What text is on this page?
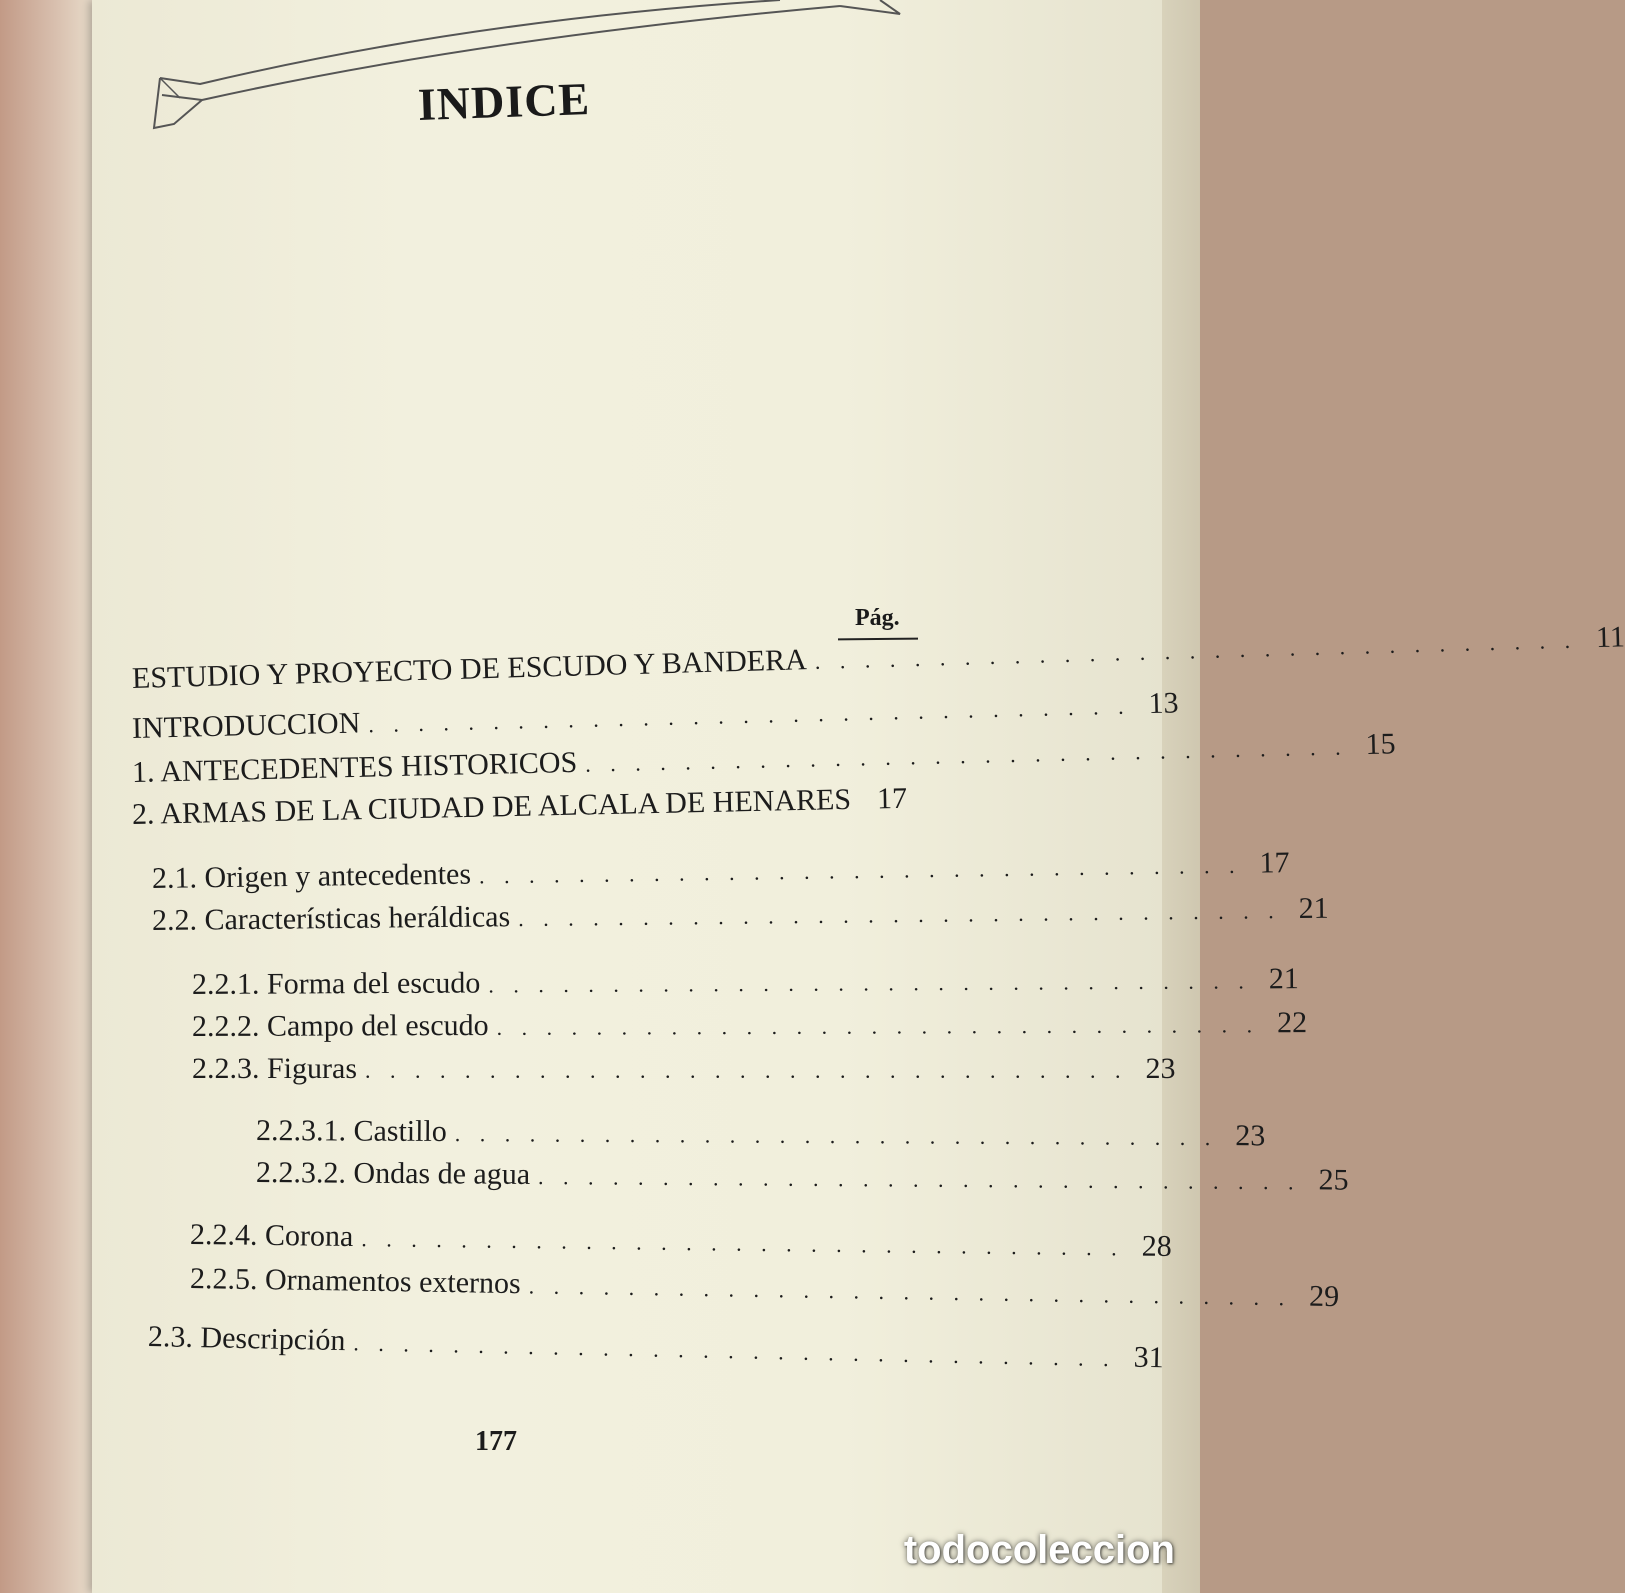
INDICE
Pág.
ESTUDIO Y PROYECTO DE ESCUDO Y BANDERA . . . . . . . . . . . . . . . . . . . . . . . . . . . . . . . 11
INTRODUCCION . . . . . . . . . . . . . . . . . . . . . . . . . . . . . . . 13
1. ANTECEDENTES HISTORICOS . . . . . . . . . . . . . . . . . . . . . . . . . . . . . . . 15
2. ARMAS DE LA CIUDAD DE ALCALA DE HENARES 17
2.1. Origen y antecedentes . . . . . . . . . . . . . . . . . . . . . . . . . . . . . . . 17
2.2. Características heráldicas . . . . . . . . . . . . . . . . . . . . . . . . . . . . . . . 21
2.2.1. Forma del escudo . . . . . . . . . . . . . . . . . . . . . . . . . . . . . . . 21
2.2.2. Campo del escudo . . . . . . . . . . . . . . . . . . . . . . . . . . . . . . . 22
2.2.3. Figuras . . . . . . . . . . . . . . . . . . . . . . . . . . . . . . . 23
2.2.3.1. Castillo . . . . . . . . . . . . . . . . . . . . . . . . . . . . . . . 23
2.2.3.2. Ondas de agua . . . . . . . . . . . . . . . . . . . . . . . . . . . . . . . 25
2.2.4. Corona . . . . . . . . . . . . . . . . . . . . . . . . . . . . . . . 28
2.2.5. Ornamentos externos . . . . . . . . . . . . . . . . . . . . . . . . . . . . . . . 29
2.3. Descripción . . . . . . . . . . . . . . . . . . . . . . . . . . . . . . . 31
177
todocoleccion
